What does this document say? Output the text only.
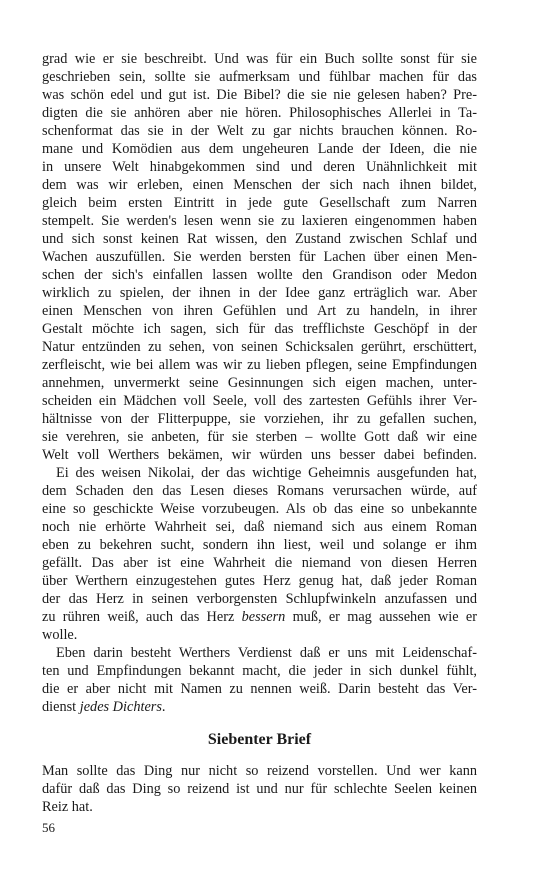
grad wie er sie beschreibt. Und was für ein Buch sollte sonst für sie
geschrieben sein, sollte sie aufmerksam und fühlbar machen für das
was schön edel und gut ist. Die Bibel? die sie nie gelesen haben? Pre-
digten die sie anhören aber nie hören. Philosophisches Allerlei in Ta-
schenformat das sie in der Welt zu gar nichts brauchen können. Ro-
mane und Komödien aus dem ungeheuren Lande der Ideen, die nie
in unsere Welt hinabgekommen sind und deren Unähnlichkeit mit
dem was wir erleben, einen Menschen der sich nach ihnen bildet,
gleich beim ersten Eintritt in jede gute Gesellschaft zum Narren
stempelt. Sie werden's lesen wenn sie zu laxieren eingenommen haben
und sich sonst keinen Rat wissen, den Zustand zwischen Schlaf und
Wachen auszufüllen. Sie werden bersten für Lachen über einen Men-
schen der sich's einfallen lassen wollte den Grandison oder Medon
wirklich zu spielen, der ihnen in der Idee ganz erträglich war. Aber
einen Menschen von ihren Gefühlen und Art zu handeln, in ihrer
Gestalt möchte ich sagen, sich für das trefflichste Geschöpf in der
Natur entzünden zu sehen, von seinen Schicksalen gerührt, erschüttert,
zerfleischt, wie bei allem was wir zu lieben pflegen, seine Empfindungen
annehmen, unvermerkt seine Gesinnungen sich eigen machen, unter-
scheiden ein Mädchen voll Seele, voll des zartesten Gefühls ihrer Ver-
hältnisse von der Flitterpuppe, sie vorziehen, ihr zu gefallen suchen,
sie verehren, sie anbeten, für sie sterben – wollte Gott daß wir eine
Welt voll Werthers bekämen, wir würden uns besser dabei befinden.
Ei des weisen Nikolai, der das wichtige Geheimnis ausgefunden hat,
dem Schaden den das Lesen dieses Romans verursachen würde, auf
eine so geschickte Weise vorzubeugen. Als ob das eine so unbekannte
noch nie erhörte Wahrheit sei, daß niemand sich aus einem Roman
eben zu bekehren sucht, sondern ihn liest, weil und solange er ihm
gefällt. Das aber ist eine Wahrheit die niemand von diesen Herren
über Werthern einzugestehen gutes Herz genug hat, daß jeder Roman
der das Herz in seinen verborgensten Schlupfwinkeln anzufassen und
zu rühren weiß, auch das Herz bessern muß, er mag aussehen wie er
wolle.
Eben darin besteht Werthers Verdienst daß er uns mit Leidenschaf-
ten und Empfindungen bekannt macht, die jeder in sich dunkel fühlt,
die er aber nicht mit Namen zu nennen weiß. Darin besteht das Ver-
dienst jedes Dichters.
Siebenter Brief
Man sollte das Ding nur nicht so reizend vorstellen. Und wer kann
dafür daß das Ding so reizend ist und nur für schlechte Seelen keinen
Reiz hat.
56
